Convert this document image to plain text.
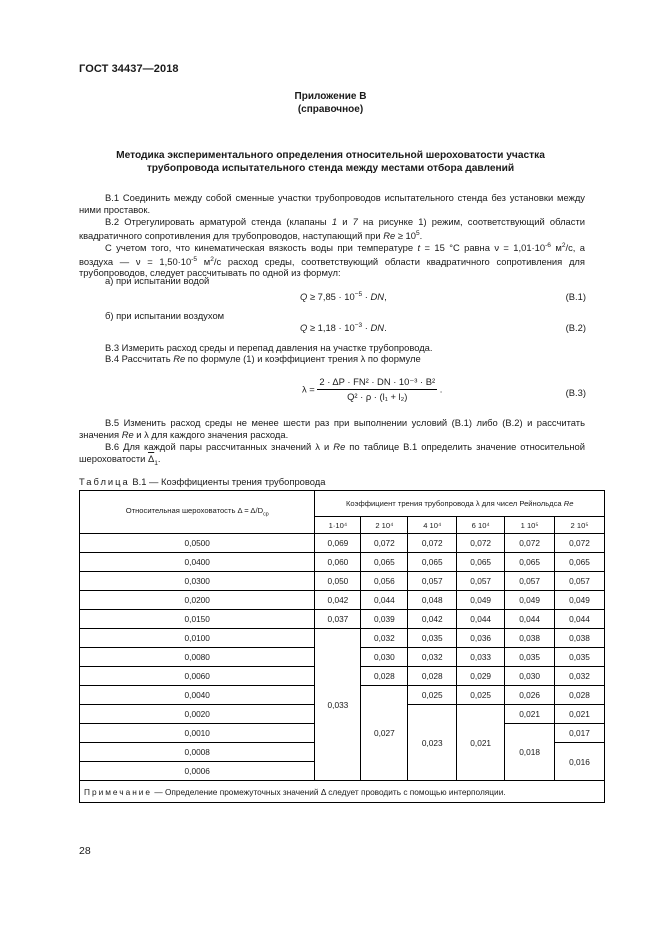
ГОСТ 34437—2018
Приложение В
(справочное)
Методика экспериментального определения относительной шероховатости участка
трубопровода испытательного стенда между местами отбора давлений
В.1 Соединить между собой сменные участки трубопроводов испытательного стенда без установки между ними проставок.
В.2 Отрегулировать арматурой стенда (клапаны 1 и 7 на рисунке 1) режим, соответствующий области квадратичного сопротивления для трубопроводов, наступающий при $Re \ge 10^5$.
С учетом того, что кинематическая вязкость воды при температуре t = 15 °С равна $\nu = 1,01\cdot 10^{-6}$ $м^2/с$, а воздуха — $\nu = 1,50\cdot 10^{-5}$ $м^2/с$ расход среды, соответствующий области квадратичного сопротивления для трубопроводов, следует рассчитывать по одной из формул:
а) при испытании водой
$Q \ge 7,85 \cdot 10^{-5}$ · DN,	(В.1)
б) при испытании воздухом
$Q \ge 1,18 \cdot 10^{-3}$ · DN.	(В.2)
В.3 Измерить расход среды и перепад давления на участке трубопровода.
В.4 Рассчитать Re по формуле (1) и коэффициент трения λ по формуле
$\lambda = \frac{\text{2 · ΔP · FN² · DN · 10⁻³ · B²}}{\text{Q² · ρ · (l₁ + l₂)}}$ .	(В.3)
В.5 Изменить расход среды не менее шести раз при выполнении условий (В.1) либо (В.2) и рассчитать значения Re и λ для каждого значения расхода.
В.6 Для каждой пары рассчитанных значений λ и Re по таблице В.1 определить значение относительной шероховатости $\overline{\Delta}_1$.
Таблица В.1 — Коэффициенты трения трубопровода
Относительная шероховатость $\Delta = \Delta/D_{ср}$	Коэффициент трения трубопровода λ для чисел Рейнольдса Re					
	1·10⁴	2 10⁴	4 10⁴	6 10⁴	1 10⁵	2 10⁵
0,0500	0,069	0,072	0,072	0,072	0,072	0,072
0,0400	0,060	0,065	0,065	0,065	0,065	0,065
0,0300	0,050	0,056	0,057	0,057	0,057	0,057
0,0200	0,042	0,044	0,048	0,049	0,049	0,049
0,0150	0,037	0,039	0,042	0,044	0,044	0,044
0,0100	0,033	0,032	0,035	0,036	0,038	0,038
0,0080		0,030	0,032	0,033	0,035	0,035
0,0060		0,028	0,028	0,029	0,030	0,032
0,0040		0,027	0,025	0,025	0,026	0,028
0,0020			0,023	0,021	0,021	0,021
0,0010					0,018	0,017
0,0008						0,016
0,0006						
Примечание — Определение промежуточных значений Δ следует проводить с помощью интерполяции.						
28
